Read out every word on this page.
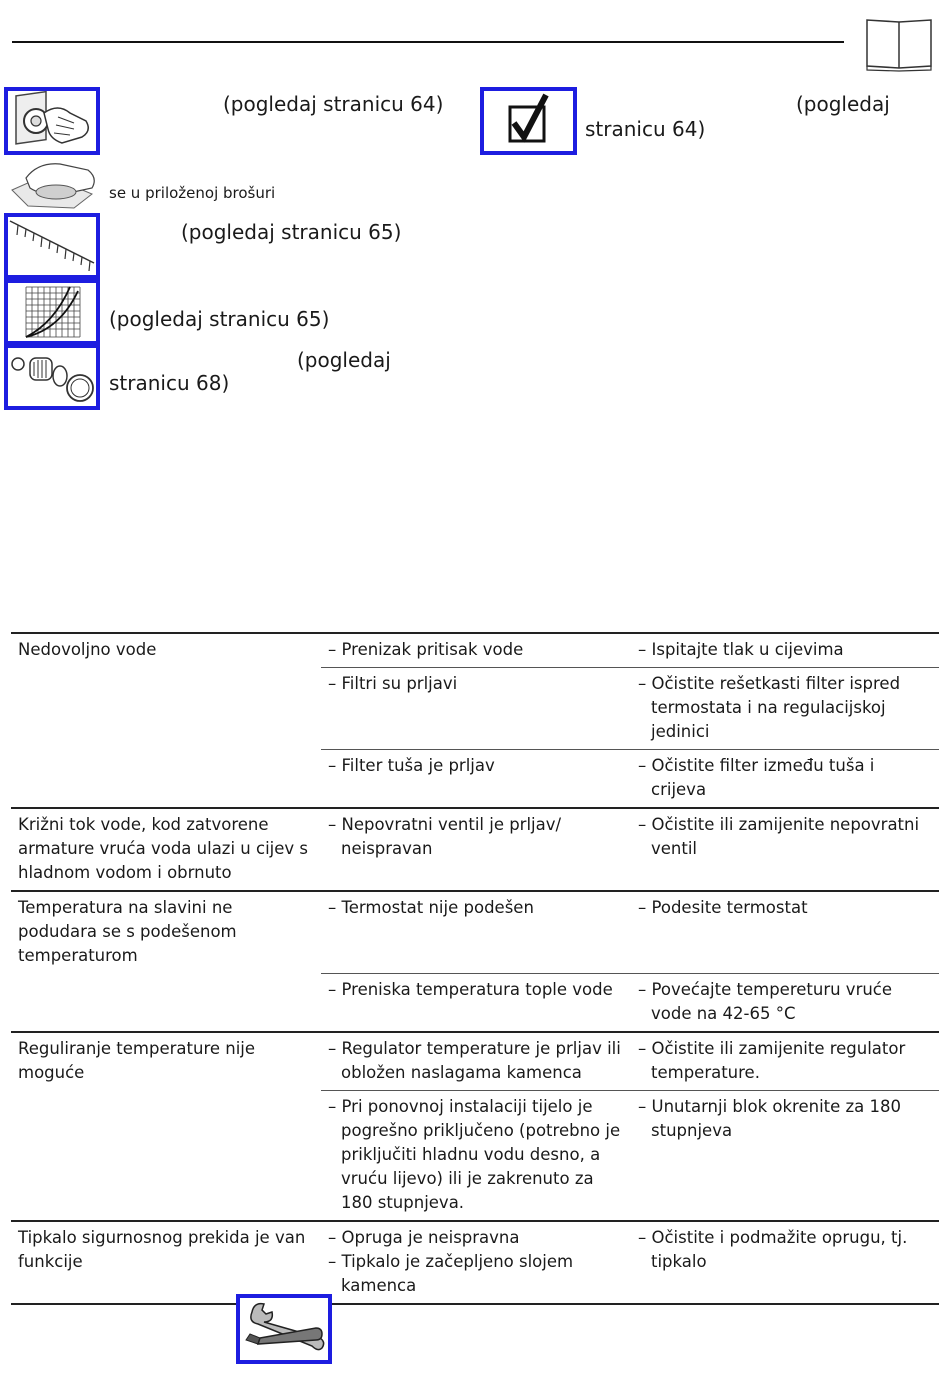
(pogledaj stranicu 64)	(pogledaj
stranicu 64)
se u priloženoj brošuri
(pogledaj stranicu 65)
(pogledaj stranicu 65)
(pogledaj
stranicu 68)
Nedovoljno vode	– Prenizak pritisak vode	– Ispitajte tlak u cijevima

	– Filtri su prljavi	– Očistite rešetkasti filter ispred termostata i na regulacijskoj jedinici

	– Filter tuša je prljav	– Očistite filter između tuša i crijeva

Križni tok vode, kod zatvorene armature vruća voda ulazi u cijev s hladnom vodom i obrnuto	– Nepovratni ventil je prljav/ neispravan	– Očistite ili zamijenite nepovratni ventil

Temperatura na slavini ne podudara se s podešenom temperaturom	– Termostat nije podešen	– Podesite termostat

	– Preniska temperatura tople vode	– Povećajte tempereturu vruće vode na 42-65 °C

Reguliranje temperature nije moguće	– Regulator temperature je prljav ili obložen naslagama kamenca	– Očistite ili zamijenite regulator temperature.

	– Pri ponovnoj instalaciji tijelo je pogrešno priključeno (potrebno je priključiti hladnu vodu desno, a vruću lijevo) ili je zakrenuto za 180 stupnjeva.	– Unutarnji blok okrenite za 180 stupnjeva

Tipkalo sigurnosnog prekida je van funkcije	– Opruga je neispravna
– Tipkalo je začepljeno slojem kamenca	– Očistite i podmažite oprugu, tj. tipkalo
